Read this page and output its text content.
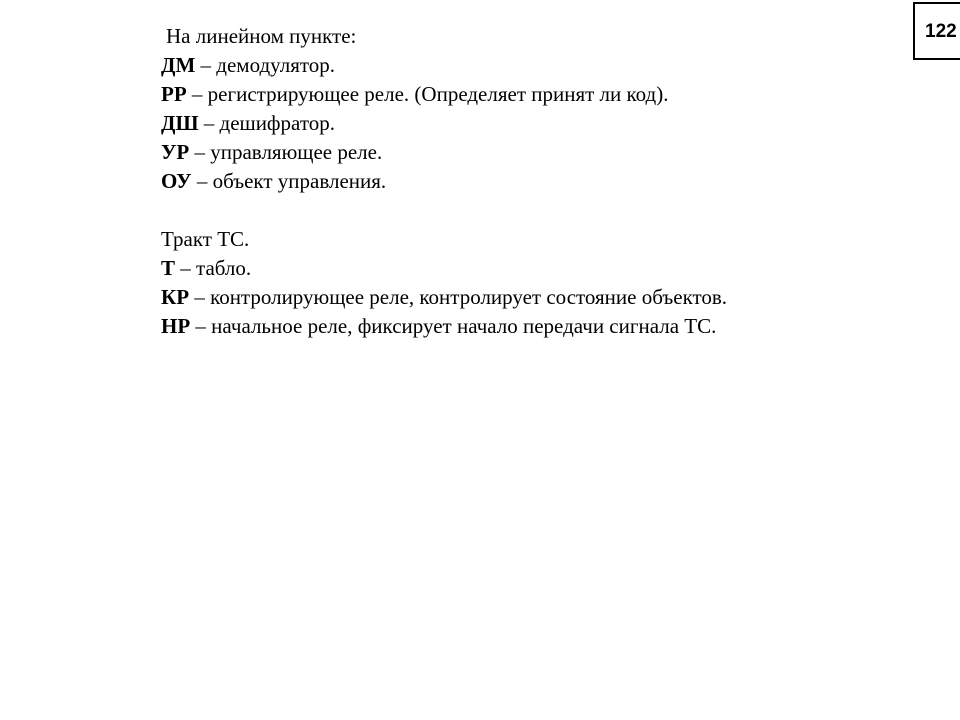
122

На линейном пункте:

ДМ – демодулятор.

РР – регистрирующее реле. (Определяет принят ли код).

ДШ – дешифратор.

УР – управляющее реле.

ОУ – объект управления.

Тракт ТС.

Т – табло.

КР – контролирующее реле, контролирует состояние объектов.

НР – начальное реле, фиксирует начало передачи сигнала ТС.
